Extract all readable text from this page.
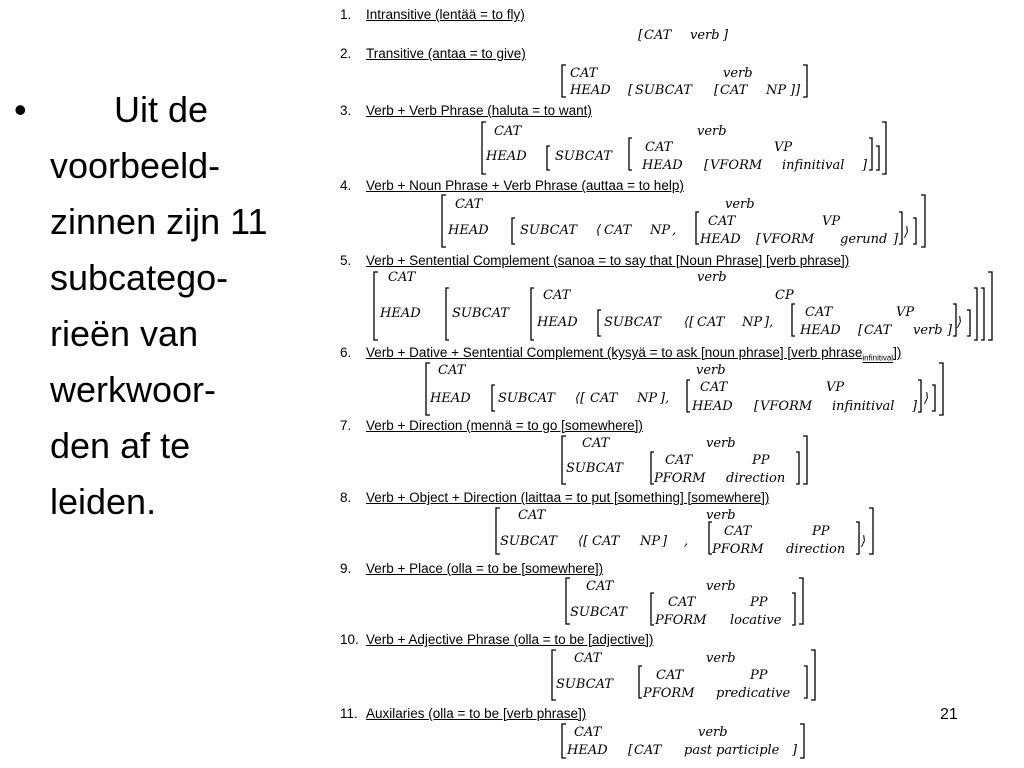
•	Uit de
voorbeeld-
zinnen zijn 11
subcatego-
rieën van
werkwoor-
den af te
leiden.
1. Intransitive (lentää = to fly)
2. Transitive (antaa = to give)
3. Verb + Verb Phrase (haluta = to want)
4. Verb + Noun Phrase + Verb Phrase (auttaa = to help)
5. Verb + Sentential Complement (sanoa = to say that [Noun Phrase] [verb phrase])
6. Verb + Dative + Sentential Complement (kysyä = to ask [noun phrase] [verb phrase$_{infinitival}$])
7. Verb + Direction (mennä = to go [somewhere])
8. Verb + Object + Direction (laittaa = to put [something] [somewhere])
9. Verb + Place (olla = to be [somewhere])
10. Verb + Adjective Phrase (olla = to be [adjective])
11. Auxilaries (olla = to be [verb phrase])
[ CAT verb ]
CAT	verb
HEAD [ SUBCAT [ CAT NP ]]
CAT	verb
HEAD SUBCAT
CAT	VP
HEAD [ VFORM infinitival ]
CAT	verb
HEAD SUBCAT ⟨ CAT NP ,
CAT	VP
HEAD [ VFORM gerund ] ⟩
CAT	verb
HEAD SUBCAT
CAT	CP
HEAD SUBCAT ⟨[ CAT NP ],
CAT	VP
HEAD [ CAT verb ]
⟩
CAT	verb
HEAD SUBCAT ⟨[ CAT NP ],
CAT	VP
HEAD [ VFORM infinitival ]
⟩
CAT	verb
SUBCAT
CAT	PP
PFORM direction
CAT	verb
SUBCAT ⟨[ CAT NP ] ,
CAT	PP
PFORM direction
⟩
CAT	verb
SUBCAT
CAT	PP
PFORM locative
CAT	verb
SUBCAT
CAT	PP
PFORM predicative
CAT	verb
HEAD [ CAT past participle ]
21
